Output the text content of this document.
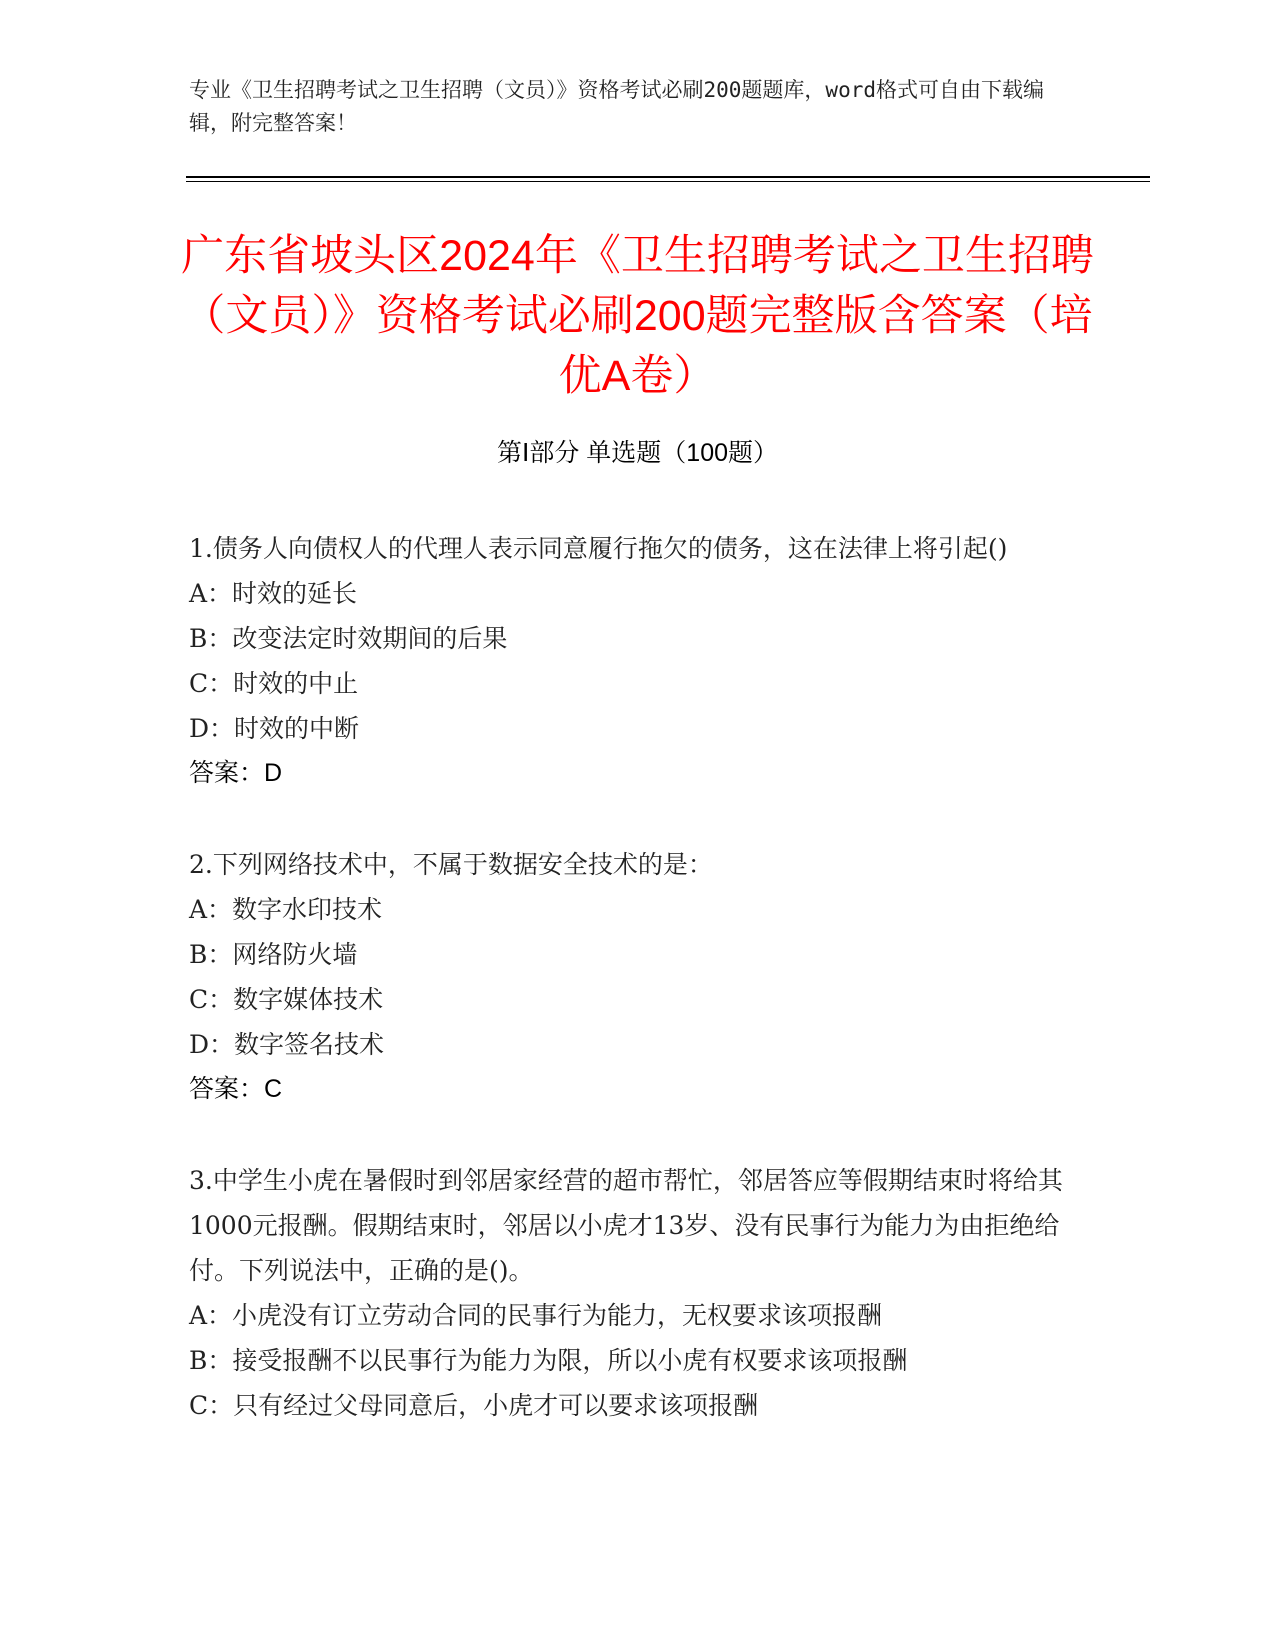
专业《卫生招聘考试之卫生招聘（文员）》资格考试必刷200题题库，word格式可自由下载编辑，附完整答案！
广东省坡头区2024年《卫生招聘考试之卫生招聘（文员）》资格考试必刷200题完整版含答案（培优A卷）
第Ⅰ部分 单选题（100题）
1.债务人向债权人的代理人表示同意履行拖欠的债务，这在法律上将引起()
A：时效的延长
B：改变法定时效期间的后果
C：时效的中止
D：时效的中断
答案：D
2.下列网络技术中，不属于数据安全技术的是：
A：数字水印技术
B：网络防火墙
C：数字媒体技术
D：数字签名技术
答案：C
3.中学生小虎在暑假时到邻居家经营的超市帮忙，邻居答应等假期结束时将给其1000元报酬。假期结束时，邻居以小虎才13岁、没有民事行为能力为由拒绝给付。下列说法中，正确的是()。
A：小虎没有订立劳动合同的民事行为能力，无权要求该项报酬
B：接受报酬不以民事行为能力为限，所以小虎有权要求该项报酬
C：只有经过父母同意后，小虎才可以要求该项报酬
